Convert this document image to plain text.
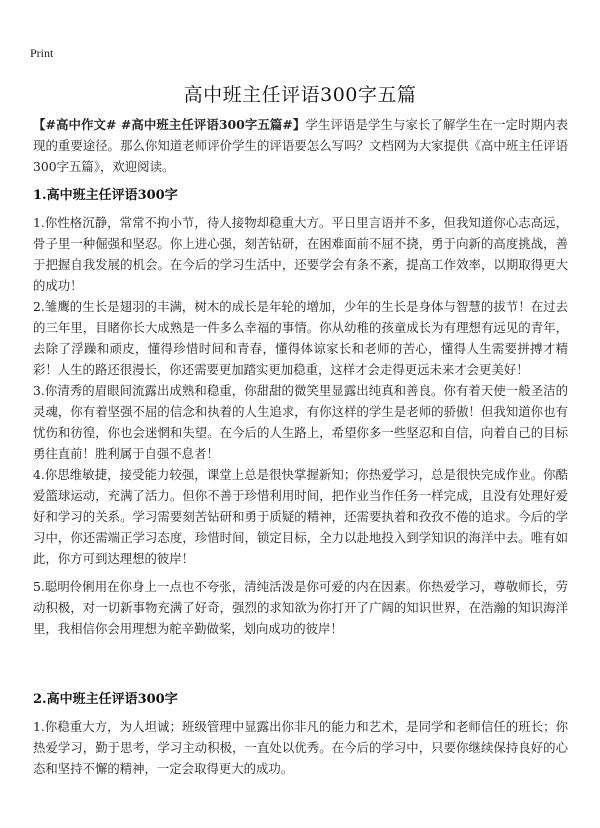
Print
高中班主任评语300字五篇
【#高中作文# #高中班主任评语300字五篇#】学生评语是学生与家长了解学生在一定时期内表现的重要途径。那么你知道老师评价学生的评语要怎么写吗？文档网为大家提供《高中班主任评语300字五篇》，欢迎阅读。
1.高中班主任评语300字
1.你性格沉静，常常不拘小节，待人接物却稳重大方。平日里言语并不多，但我知道你心志高远，骨子里一种倔强和坚忍。你上进心强，刻苦钻研，在困难面前不屈不挠，勇于向新的高度挑战，善于把握自我发展的机会。在今后的学习生活中，还要学会有条不紊，提高工作效率，以期取得更大的成功！
2.雏鹰的生长是翅羽的丰满，树木的成长是年轮的增加，少年的生长是身体与智慧的拔节！在过去的三年里，目睹你长大成熟是一件多么幸福的事情。你从幼稚的孩童成长为有理想有远见的青年，去除了浮躁和顽皮，懂得珍惜时间和青春，懂得体谅家长和老师的苦心，懂得人生需要拼搏才精彩！人生的路还很漫长，你还需要更加踏实更加稳重，这样才会走得更远未来才会更美好！
3.你清秀的眉眼间流露出成熟和稳重，你甜甜的微笑里显露出纯真和善良。你有着天使一般圣洁的灵魂，你有着坚强不屈的信念和执着的人生追求，有你这样的学生是老师的骄傲！但我知道你也有忧伤和彷徨，你也会迷惘和失望。在今后的人生路上，希望你多一些坚忍和自信，向着自己的目标勇往直前！胜利属于自强不息者！
4.你思维敏捷，接受能力较强，课堂上总是很快掌握新知；你热爱学习，总是很快完成作业。你酷爱篮球运动，充满了活力。但你不善于珍惜利用时间，把作业当作任务一样完成，且没有处理好爱好和学习的关系。学习需要刻苦钻研和勇于质疑的精神，还需要执着和孜孜不倦的追求。今后的学习中，你还需端正学习态度，珍惜时间，锁定目标，全力以赴地投入到学知识的海洋中去。唯有如此，你方可到达理想的彼岸！
5.聪明伶俐用在你身上一点也不夸张，清纯活泼是你可爱的内在因素。你热爱学习，尊敬师长，劳动积极，对一切新事物充满了好奇，强烈的求知欲为你打开了广阔的知识世界，在浩瀚的知识海洋里，我相信你会用理想为舵辛勤做桨，划向成功的彼岸！
2.高中班主任评语300字
1.你稳重大方，为人坦诚；班级管理中显露出你非凡的能力和艺术，是同学和老师信任的班长；你热爱学习，勤于思考，学习主动积极，一直处以优秀。在今后的学习中，只要你继续保持良好的心态和坚持不懈的精神，一定会取得更大的成功。
